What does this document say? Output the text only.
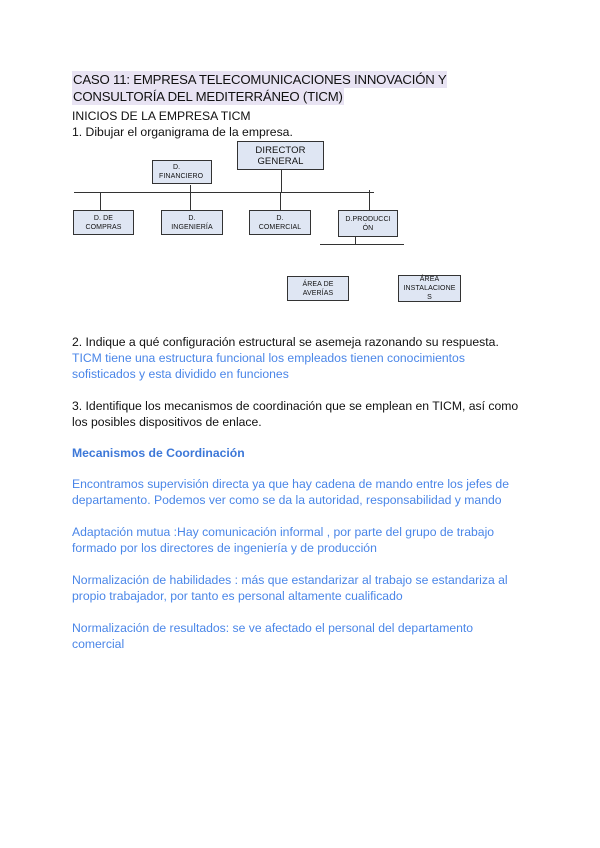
CASO 11: EMPRESA TELECOMUNICACIONES INNOVACIÓN Y
CONSULTORÍA DEL MEDITERRÁNEO (TICM)
INICIOS DE LA EMPRESA TICM
1. Dibujar el organigrama de la empresa.
DIRECTOR
GENERAL
D.
FINANCIERO
D. DE
COMPRAS
D.
INGENIERÍA
D.
COMERCIAL
D.PRODUCCI
ÓN
ÁREA DE
AVERÍAS
ÁREA
INSTALACIONE
S
2. Indique a qué configuración estructural se asemeja razonando su respuesta.
TICM tiene una estructura funcional los empleados tienen conocimientos
sofisticados y esta dividido en funciones
3. Identifique los mecanismos de coordinación que se emplean en TICM, así como
los posibles dispositivos de enlace.
Mecanismos de Coordinación
Encontramos supervisión directa ya que hay cadena de mando entre los jefes de
departamento. Podemos ver como se da la autoridad, responsabilidad y mando
Adaptación mutua :Hay comunicación informal , por parte del grupo de trabajo
formado por los directores de ingeniería y de producción
Normalización de habilidades : más que estandarizar al trabajo se estandariza al
propio trabajador, por tanto es personal altamente cualificado
Normalización de resultados: se ve afectado el personal del departamento
comercial
